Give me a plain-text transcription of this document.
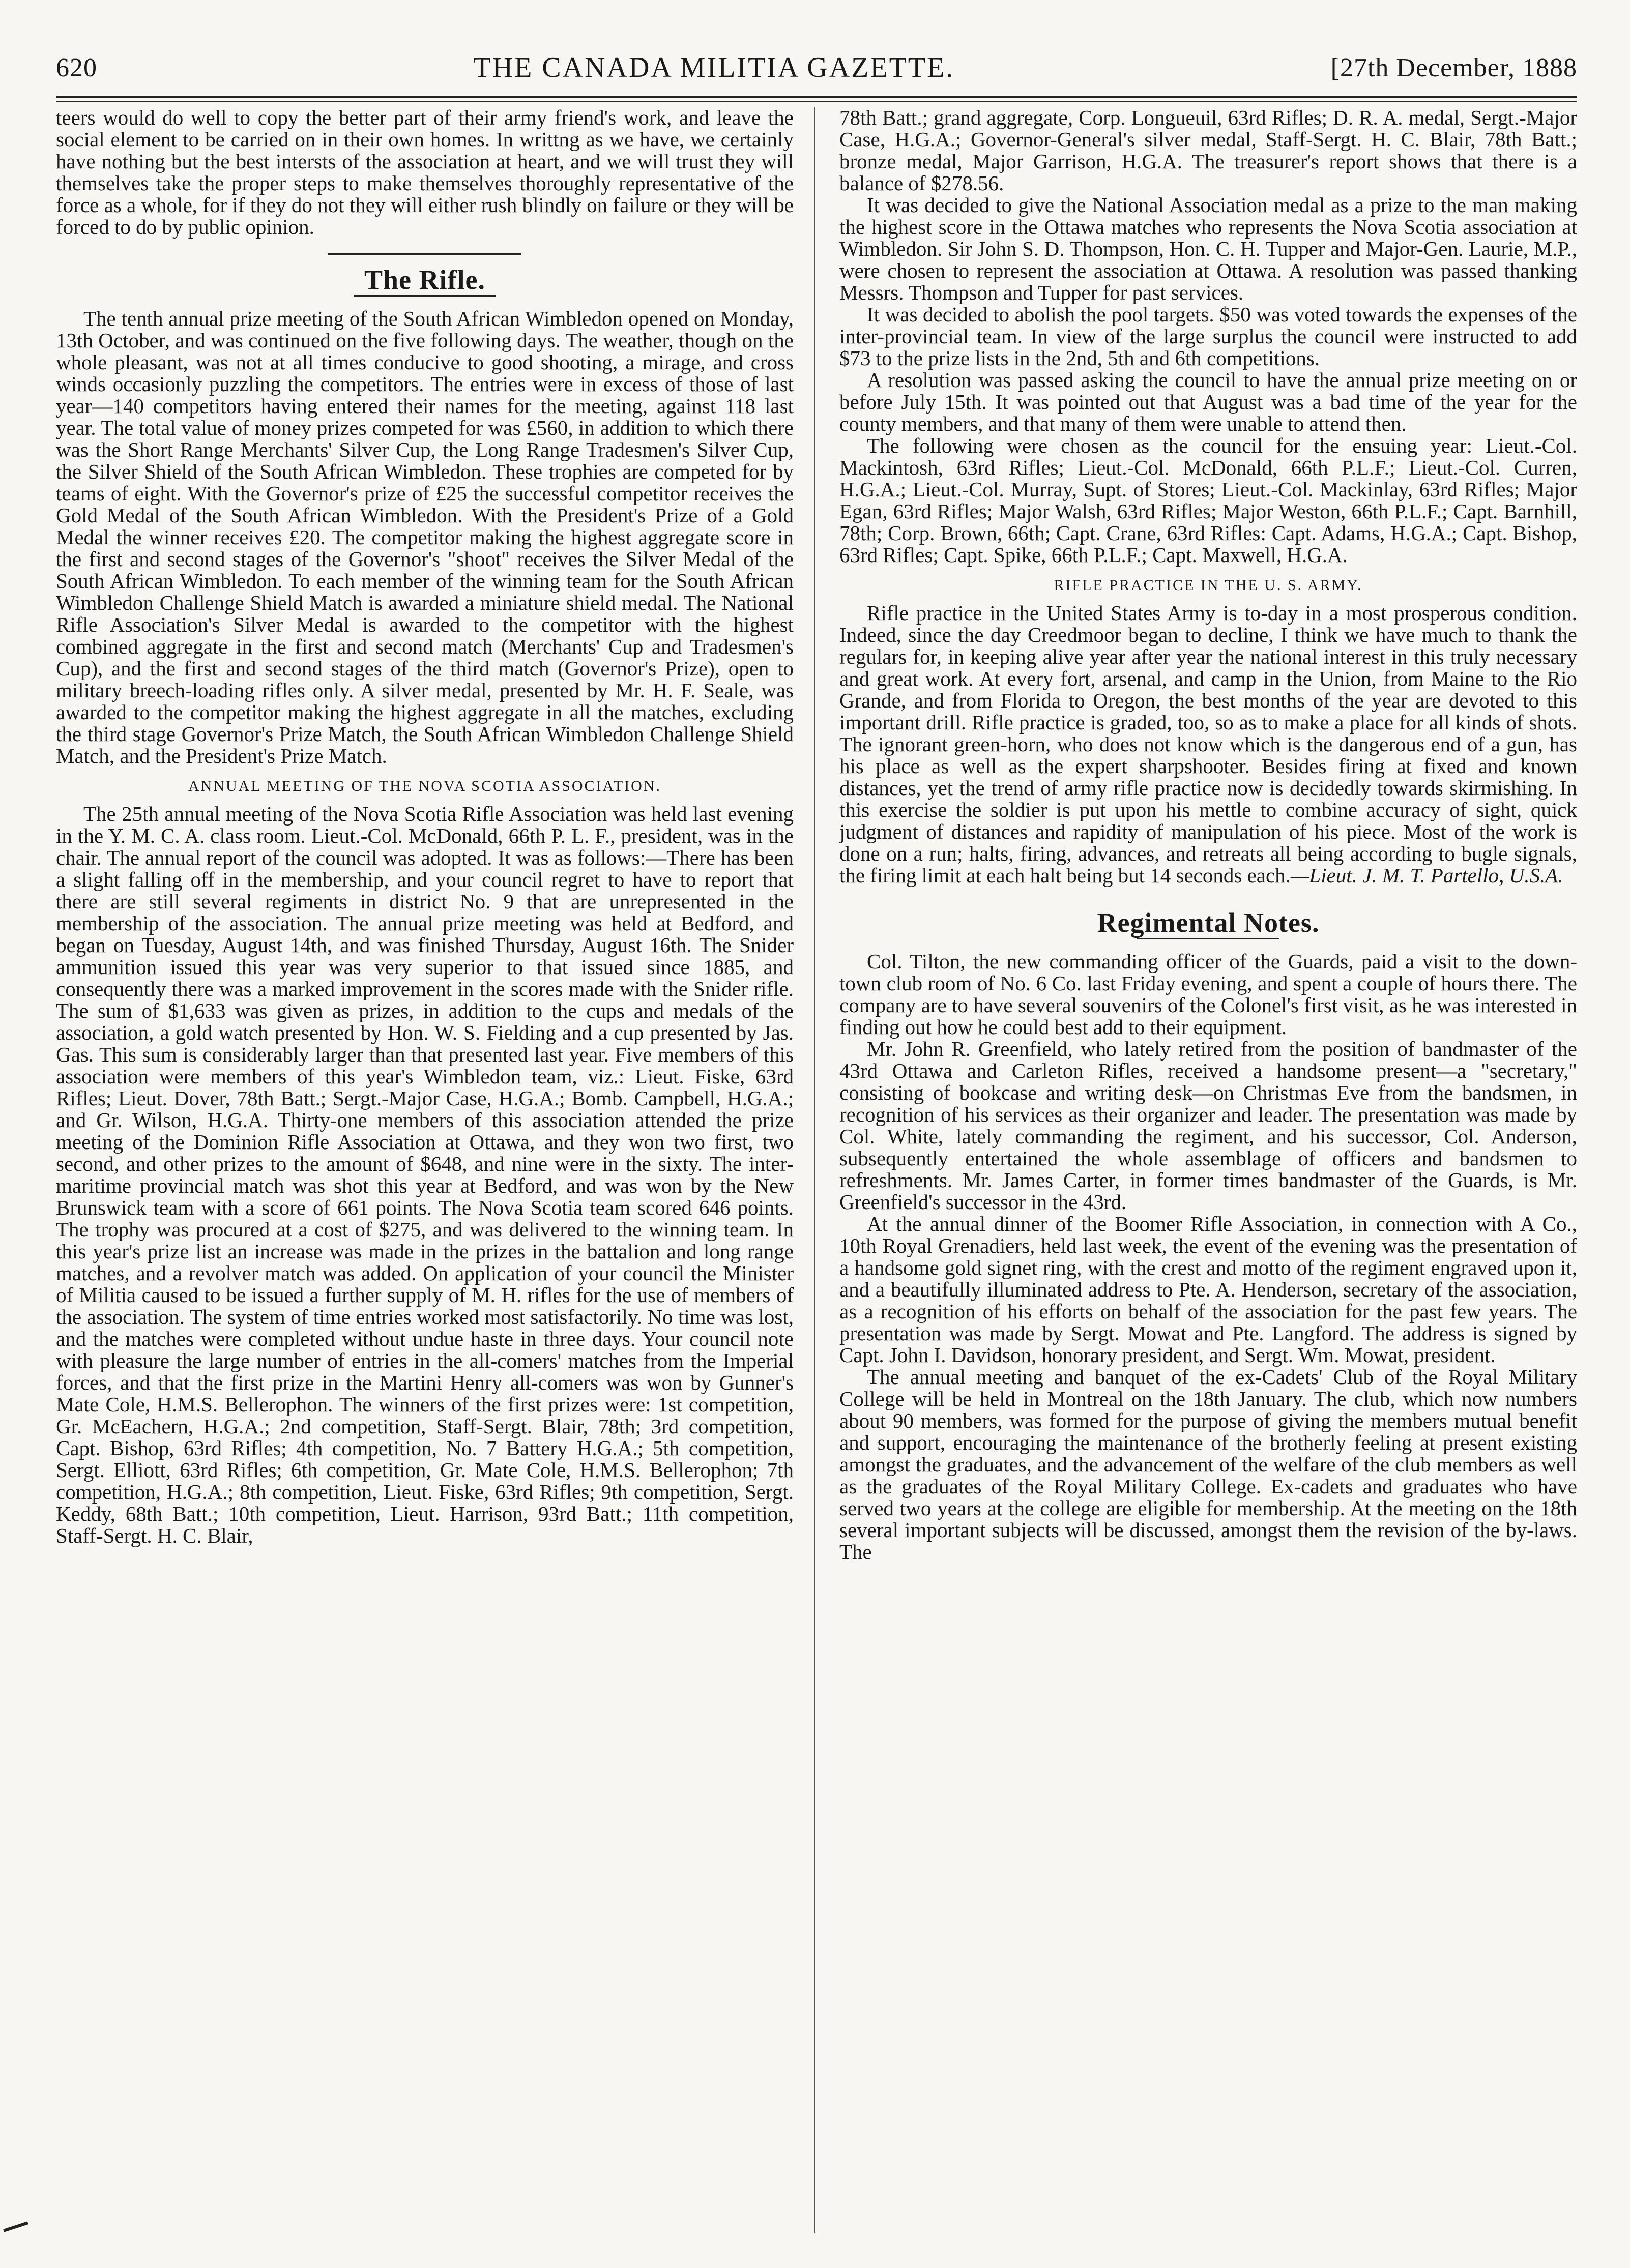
620	THE CANADA MILITIA GAZETTE.	[27th December, 1888

teers would do well to copy the better part of their army friend's work, and leave the social element to be carried on in their own homes. In writtng as we have, we certainly have nothing but the best intersts of the association at heart, and we will trust they will themselves take the proper steps to make themselves thoroughly representative of the force as a whole, for if they do not they will either rush blindly on failure or they will be forced to do by public opinion.

The Rifle.

The tenth annual prize meeting of the South African Wimbledon opened on Monday, 13th October, and was continued on the five following days. The weather, though on the whole pleasant, was not at all times conducive to good shooting, a mirage, and cross winds occasionly puzzling the competitors. The entries were in excess of those of last year—140 competitors having entered their names for the meeting, against 118 last year. The total value of money prizes competed for was £560, in addition to which there was the Short Range Merchants' Silver Cup, the Long Range Tradesmen's Silver Cup, the Silver Shield of the South African Wimbledon. These trophies are competed for by teams of eight. With the Governor's prize of £25 the successful competitor receives the Gold Medal of the South African Wimbledon. With the President's Prize of a Gold Medal the winner receives £20. The competitor making the highest aggregate score in the first and second stages of the Governor's "shoot" receives the Silver Medal of the South African Wimbledon. To each member of the winning team for the South African Wimbledon Challenge Shield Match is awarded a miniature shield medal. The National Rifle Association's Silver Medal is awarded to the competitor with the highest combined aggregate in the first and second match (Merchants' Cup and Tradesmen's Cup), and the first and second stages of the third match (Governor's Prize), open to military breech-loading rifles only. A silver medal, presented by Mr. H. F. Seale, was awarded to the competitor making the highest aggregate in all the matches, excluding the third stage Governor's Prize Match, the South African Wimbledon Challenge Shield Match, and the President's Prize Match.

ANNUAL MEETING OF THE NOVA SCOTIA ASSOCIATION.

The 25th annual meeting of the Nova Scotia Rifle Association was held last evening in the Y. M. C. A. class room. Lieut.-Col. McDonald, 66th P. L. F., president, was in the chair. The annual report of the council was adopted. It was as follows:—There has been a slight falling off in the membership, and your council regret to have to report that there are still several regiments in district No. 9 that are unrepresented in the membership of the association. The annual prize meeting was held at Bedford, and began on Tuesday, August 14th, and was finished Thursday, August 16th. The Snider ammunition issued this year was very superior to that issued since 1885, and consequently there was a marked improvement in the scores made with the Snider rifle. The sum of $1,633 was given as prizes, in addition to the cups and medals of the association, a gold watch presented by Hon. W. S. Fielding and a cup presented by Jas. Gas. This sum is considerably larger than that presented last year. Five members of this association were members of this year's Wimbledon team, viz.: Lieut. Fiske, 63rd Rifles; Lieut. Dover, 78th Batt.; Sergt.-Major Case, H.G.A.; Bomb. Campbell, H.G.A.; and Gr. Wilson, H.G.A. Thirty-one members of this association attended the prize meeting of the Dominion Rifle Association at Ottawa, and they won two first, two second, and other prizes to the amount of $648, and nine were in the sixty. The inter-maritime provincial match was shot this year at Bedford, and was won by the New Brunswick team with a score of 661 points. The Nova Scotia team scored 646 points. The trophy was procured at a cost of $275, and was delivered to the winning team. In this year's prize list an increase was made in the prizes in the battalion and long range matches, and a revolver match was added. On application of your council the Minister of Militia caused to be issued a further supply of M. H. rifles for the use of members of the association. The system of time entries worked most satisfactorily. No time was lost, and the matches were completed without undue haste in three days. Your council note with pleasure the large number of entries in the all-comers' matches from the Imperial forces, and that the first prize in the Martini Henry all-comers was won by Gunner's Mate Cole, H.M.S. Bellerophon. The winners of the first prizes were: 1st competition, Gr. McEachern, H.G.A.; 2nd competition, Staff-Sergt. Blair, 78th; 3rd competition, Capt. Bishop, 63rd Rifles; 4th competition, No. 7 Battery H.G.A.; 5th competition, Sergt. Elliott, 63rd Rifles; 6th competition, Gr. Mate Cole, H.M.S. Bellerophon; 7th competition, H.G.A.; 8th competition, Lieut. Fiske, 63rd Rifles; 9th competition, Sergt. Keddy, 68th Batt.; 10th competition, Lieut. Harrison, 93rd Batt.; 11th competition, Staff-Sergt. H. C. Blair,

78th Batt.; grand aggregate, Corp. Longueuil, 63rd Rifles; D. R. A. medal, Sergt.-Major Case, H.G.A.; Governor-General's silver medal, Staff-Sergt. H. C. Blair, 78th Batt.; bronze medal, Major Garrison, H.G.A. The treasurer's report shows that there is a balance of $278.56.

It was decided to give the National Association medal as a prize to the man making the highest score in the Ottawa matches who represents the Nova Scotia association at Wimbledon. Sir John S. D. Thompson, Hon. C. H. Tupper and Major-Gen. Laurie, M.P., were chosen to represent the association at Ottawa. A resolution was passed thanking Messrs. Thompson and Tupper for past services.

It was decided to abolish the pool targets. $50 was voted towards the expenses of the inter-provincial team. In view of the large surplus the council were instructed to add $73 to the prize lists in the 2nd, 5th and 6th competitions.

A resolution was passed asking the council to have the annual prize meeting on or before July 15th. It was pointed out that August was a bad time of the year for the county members, and that many of them were unable to attend then.

The following were chosen as the council for the ensuing year: Lieut.-Col. Mackintosh, 63rd Rifles; Lieut.-Col. McDonald, 66th P.L.F.; Lieut.-Col. Curren, H.G.A.; Lieut.-Col. Murray, Supt. of Stores; Lieut.-Col. Mackinlay, 63rd Rifles; Major Egan, 63rd Rifles; Major Walsh, 63rd Rifles; Major Weston, 66th P.L.F.; Capt. Barnhill, 78th; Corp. Brown, 66th; Capt. Crane, 63rd Rifles: Capt. Adams, H.G.A.; Capt. Bishop, 63rd Rifles; Capt. Spike, 66th P.L.F.; Capt. Maxwell, H.G.A.

RIFLE PRACTICE IN THE U. S. ARMY.

Rifle practice in the United States Army is to-day in a most prosperous condition. Indeed, since the day Creedmoor began to decline, I think we have much to thank the regulars for, in keeping alive year after year the national interest in this truly necessary and great work. At every fort, arsenal, and camp in the Union, from Maine to the Rio Grande, and from Florida to Oregon, the best months of the year are devoted to this important drill. Rifle practice is graded, too, so as to make a place for all kinds of shots. The ignorant green-horn, who does not know which is the dangerous end of a gun, has his place as well as the expert sharpshooter. Besides firing at fixed and known distances, yet the trend of army rifle practice now is decidedly towards skirmishing. In this exercise the soldier is put upon his mettle to combine accuracy of sight, quick judgment of distances and rapidity of manipulation of his piece. Most of the work is done on a run; halts, firing, advances, and retreats all being according to bugle signals, the firing limit at each halt being but 14 seconds each.—Lieut. J. M. T. Partello, U.S.A.

Regimental Notes.

Col. Tilton, the new commanding officer of the Guards, paid a visit to the down-town club room of No. 6 Co. last Friday evening, and spent a couple of hours there. The company are to have several souvenirs of the Colonel's first visit, as he was interested in finding out how he could best add to their equipment.

Mr. John R. Greenfield, who lately retired from the position of bandmaster of the 43rd Ottawa and Carleton Rifles, received a handsome present—a "secretary," consisting of bookcase and writing desk—on Christmas Eve from the bandsmen, in recognition of his services as their organizer and leader. The presentation was made by Col. White, lately commanding the regiment, and his successor, Col. Anderson, subsequently entertained the whole assemblage of officers and bandsmen to refreshments. Mr. James Carter, in former times bandmaster of the Guards, is Mr. Greenfield's successor in the 43rd.

At the annual dinner of the Boomer Rifle Association, in connection with A Co., 10th Royal Grenadiers, held last week, the event of the evening was the presentation of a handsome gold signet ring, with the crest and motto of the regiment engraved upon it, and a beautifully illuminated address to Pte. A. Henderson, secretary of the association, as a recognition of his efforts on behalf of the association for the past few years. The presentation was made by Sergt. Mowat and Pte. Langford. The address is signed by Capt. John I. Davidson, honorary president, and Sergt. Wm. Mowat, president.

The annual meeting and banquet of the ex-Cadets' Club of the Royal Military College will be held in Montreal on the 18th January. The club, which now numbers about 90 members, was formed for the purpose of giving the members mutual benefit and support, encouraging the maintenance of the brotherly feeling at present existing amongst the graduates, and the advancement of the welfare of the club members as well as the graduates of the Royal Military College. Ex-cadets and graduates who have served two years at the college are eligible for membership. At the meeting on the 18th several important subjects will be discussed, amongst them the revision of the by-laws. The
